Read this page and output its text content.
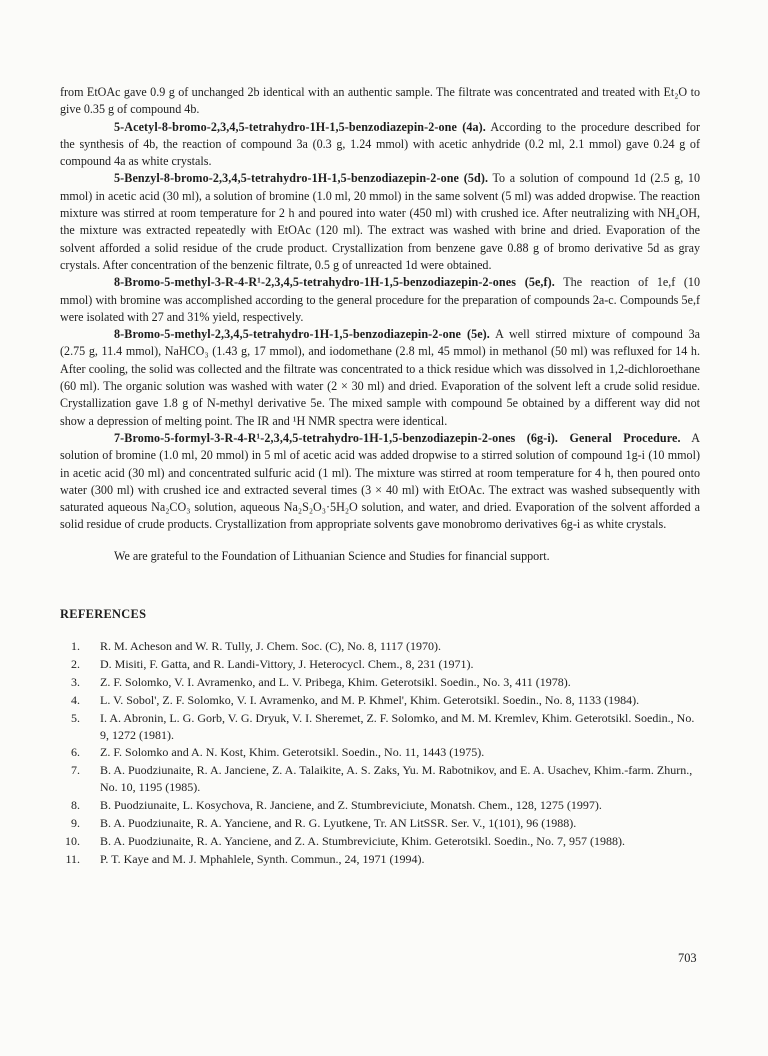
from EtOAc gave 0.9 g of unchanged 2b identical with an authentic sample. The filtrate was concentrated and treated with Et₂O to give 0.35 g of compound 4b.

5-Acetyl-8-bromo-2,3,4,5-tetrahydro-1H-1,5-benzodiazepin-2-one (4a). According to the procedure described for the synthesis of 4b, the reaction of compound 3a (0.3 g, 1.24 mmol) with acetic anhydride (0.2 ml, 2.1 mmol) gave 0.24 g of compound 4a as white crystals.

5-Benzyl-8-bromo-2,3,4,5-tetrahydro-1H-1,5-benzodiazepin-2-one (5d). To a solution of compound 1d (2.5 g, 10 mmol) in acetic acid (30 ml), a solution of bromine (1.0 ml, 20 mmol) in the same solvent (5 ml) was added dropwise. The reaction mixture was stirred at room temperature for 2 h and poured into water (450 ml) with crushed ice. After neutralizing with NH₄OH, the mixture was extracted repeatedly with EtOAc (120 ml). The extract was washed with brine and dried. Evaporation of the solvent afforded a solid residue of the crude product. Crystallization from benzene gave 0.88 g of bromo derivative 5d as gray crystals. After concentration of the benzenic filtrate, 0.5 g of unreacted 1d were obtained.

8-Bromo-5-methyl-3-R-4-R¹-2,3,4,5-tetrahydro-1H-1,5-benzodiazepin-2-ones (5e,f). The reaction of 1e,f (10 mmol) with bromine was accomplished according to the general procedure for the preparation of compounds 2a-c. Compounds 5e,f were isolated with 27 and 31% yield, respectively.

8-Bromo-5-methyl-2,3,4,5-tetrahydro-1H-1,5-benzodiazepin-2-one (5e). A well stirred mixture of compound 3a (2.75 g, 11.4 mmol), NaHCO₃ (1.43 g, 17 mmol), and iodomethane (2.8 ml, 45 mmol) in methanol (50 ml) was refluxed for 14 h. After cooling, the solid was collected and the filtrate was concentrated to a thick residue which was dissolved in 1,2-dichloroethane (60 ml). The organic solution was washed with water (2 × 30 ml) and dried. Evaporation of the solvent left a crude solid residue. Crystallization gave 1.8 g of N-methyl derivative 5e. The mixed sample with compound 5e obtained by a different way did not show a depression of melting point. The IR and ¹H NMR spectra were identical.

7-Bromo-5-formyl-3-R-4-R¹-2,3,4,5-tetrahydro-1H-1,5-benzodiazepin-2-ones (6g-i). General Procedure. A solution of bromine (1.0 ml, 20 mmol) in 5 ml of acetic acid was added dropwise to a stirred solution of compound 1g-i (10 mmol) in acetic acid (30 ml) and concentrated sulfuric acid (1 ml). The mixture was stirred at room temperature for 4 h, then poured onto water (300 ml) with crushed ice and extracted several times (3 × 40 ml) with EtOAc. The extract was washed subsequently with saturated aqueous Na₂CO₃ solution, aqueous Na₂S₂O₃·5H₂O solution, and water, and dried. Evaporation of the solvent afforded a solid residue of crude products. Crystallization from appropriate solvents gave monobromo derivatives 6g-i as white crystals.

We are grateful to the Foundation of Lithuanian Science and Studies for financial support.

REFERENCES
1.	R. M. Acheson and W. R. Tully, J. Chem. Soc. (C), No. 8, 1117 (1970).
2.	D. Misiti, F. Gatta, and R. Landi-Vittory, J. Heterocycl. Chem., 8, 231 (1971).
3.	Z. F. Solomko, V. I. Avramenko, and L. V. Pribega, Khim. Geterotsikl. Soedin., No. 3, 411 (1978).
4.	L. V. Sobol', Z. F. Solomko, V. I. Avramenko, and M. P. Khmel', Khim. Geterotsikl. Soedin., No. 8, 1133 (1984).
5.	I. A. Abronin, L. G. Gorb, V. G. Dryuk, V. I. Sheremet, Z. F. Solomko, and M. M. Kremlev, Khim. Geterotsikl. Soedin., No. 9, 1272 (1981).
6.	Z. F. Solomko and A. N. Kost, Khim. Geterotsikl. Soedin., No. 11, 1443 (1975).
7.	B. A. Puodziunaite, R. A. Janciene, Z. A. Talaikite, A. S. Zaks, Yu. M. Rabotnikov, and E. A. Usachev, Khim.-farm. Zhurn., No. 10, 1195 (1985).
8.	B. Puodziunaite, L. Kosychova, R. Janciene, and Z. Stumbreviciute, Monatsh. Chem., 128, 1275 (1997).
9.	B. A. Puodziunaite, R. A. Yanciene, and R. G. Lyutkene, Tr. AN LitSSR. Ser. V., 1(101), 96 (1988).
10.	B. A. Puodziunaite, R. A. Yanciene, and Z. A. Stumbreviciute, Khim. Geterotsikl. Soedin., No. 7, 957 (1988).
11.	P. T. Kaye and M. J. Mphahlele, Synth. Commun., 24, 1971 (1994).
703
